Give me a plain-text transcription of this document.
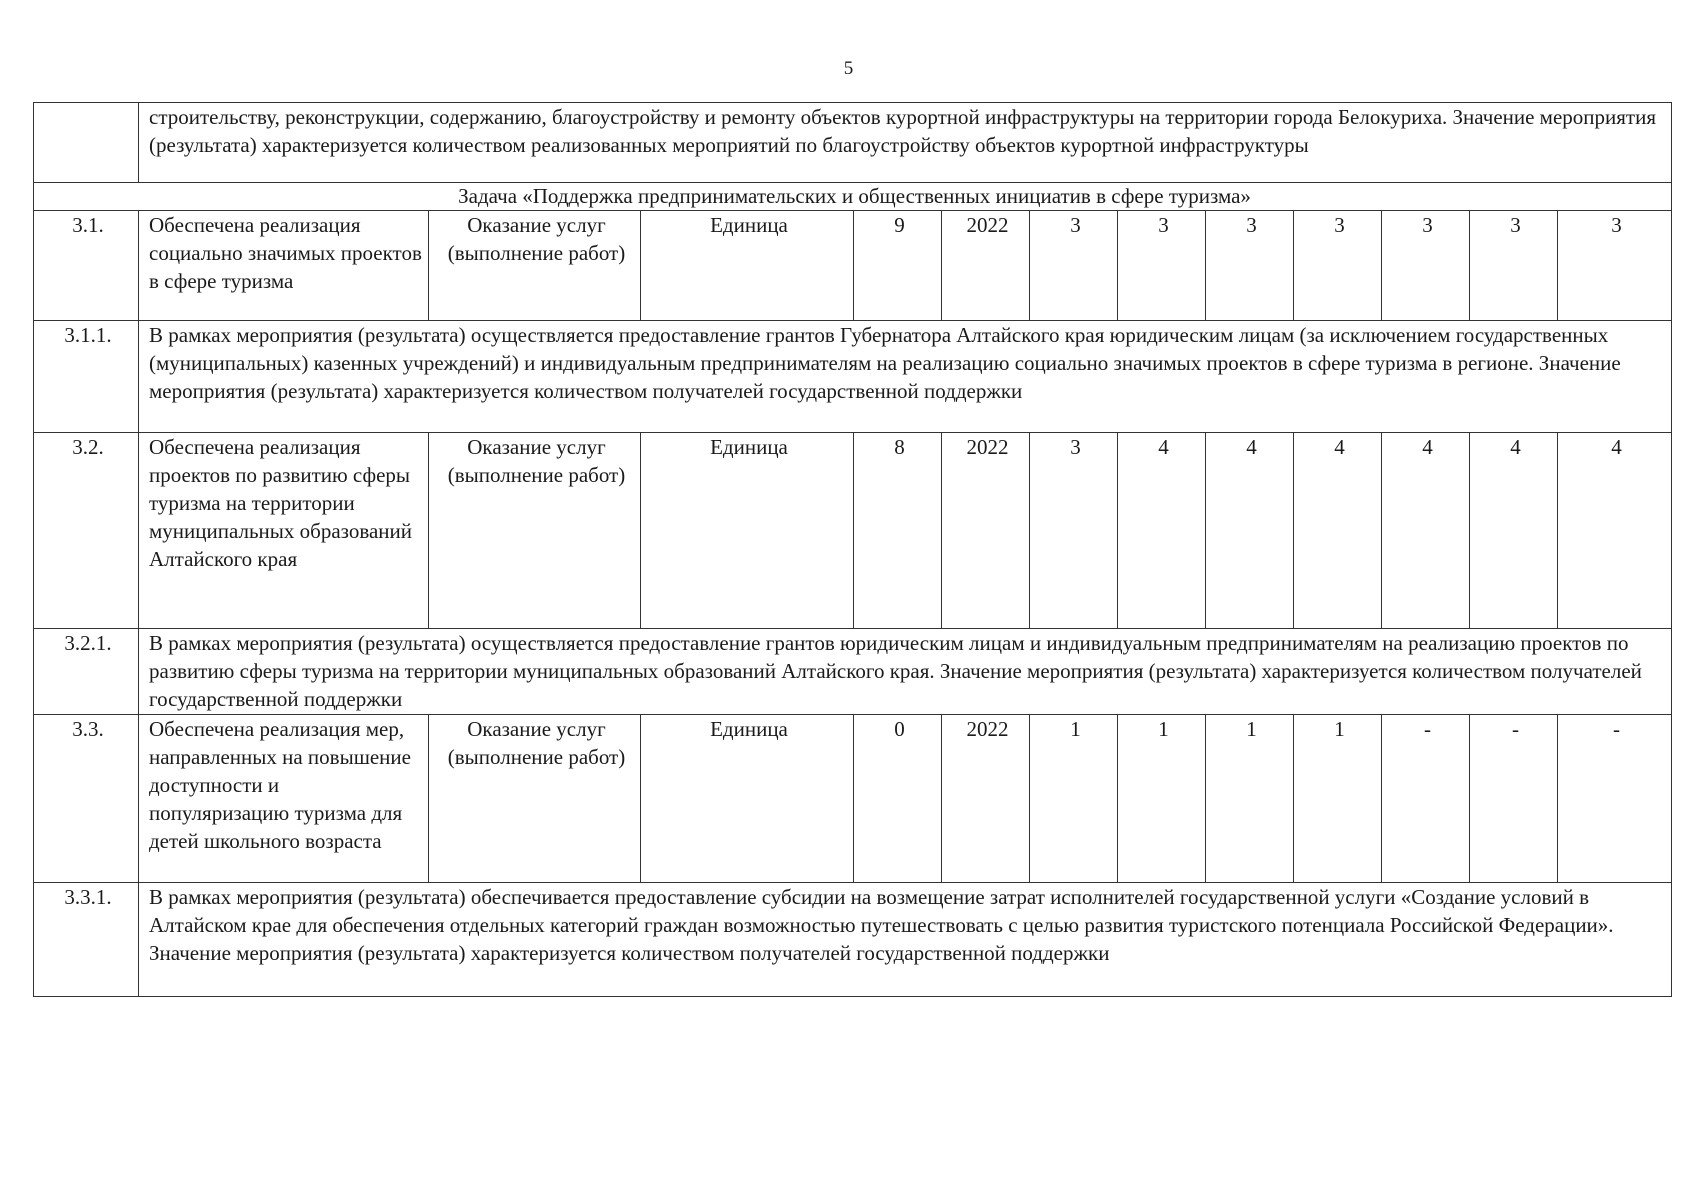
5
	строительству, реконструкции, содержанию, благоустройству и ремонту объектов курортной инфраструктуры на территории города Белокуриха. Значение мероприятия (результата) характеризуется количеством реализованных мероприятий по благоустройству объектов курортной инфраструктуры											
Задача «Поддержка предпринимательских и общественных инициатив в сфере туризма»												
3.1.	Обеспечена реализация социально значимых проектов в сфере туризма	Оказание услуг (выполнение работ)	Единица	9	2022	3	3	3	3	3	3	3
3.1.1.	В рамках мероприятия (результата) осуществляется предоставление грантов Губернатора Алтайского края юридическим лицам (за исключением государственных (муниципальных) казенных учреждений) и индивидуальным предпринимателям на реализацию социально значимых проектов в сфере туризма в регионе. Значение мероприятия (результата) характеризуется количеством получателей государственной поддержки											
3.2.	Обеспечена реализация проектов по развитию сферы туризма на территории муниципальных образований Алтайского края	Оказание услуг (выполнение работ)	Единица	8	2022	3	4	4	4	4	4	4
3.2.1.	В рамках мероприятия (результата) осуществляется предоставление грантов юридическим лицам и индивидуальным предпринимателям на реализацию проектов по развитию сферы туризма на территории муниципальных образований Алтайского края. Значение мероприятия (результата) характеризуется количеством получателей государственной поддержки											
3.3.	Обеспечена реализация мер, направленных на повышение доступности и популяризацию туризма для детей школьного возраста	Оказание услуг (выполнение работ)	Единица	0	2022	1	1	1	1	-	-	-
3.3.1.	В рамках мероприятия (результата) обеспечивается предоставление субсидии на возмещение затрат исполнителей государственной услуги «Создание условий в Алтайском крае для обеспечения отдельных категорий граждан возможностью путешествовать с целью развития туристского потенциала Российской Федерации». Значение мероприятия (результата) характеризуется количеством получателей государственной поддержки											
